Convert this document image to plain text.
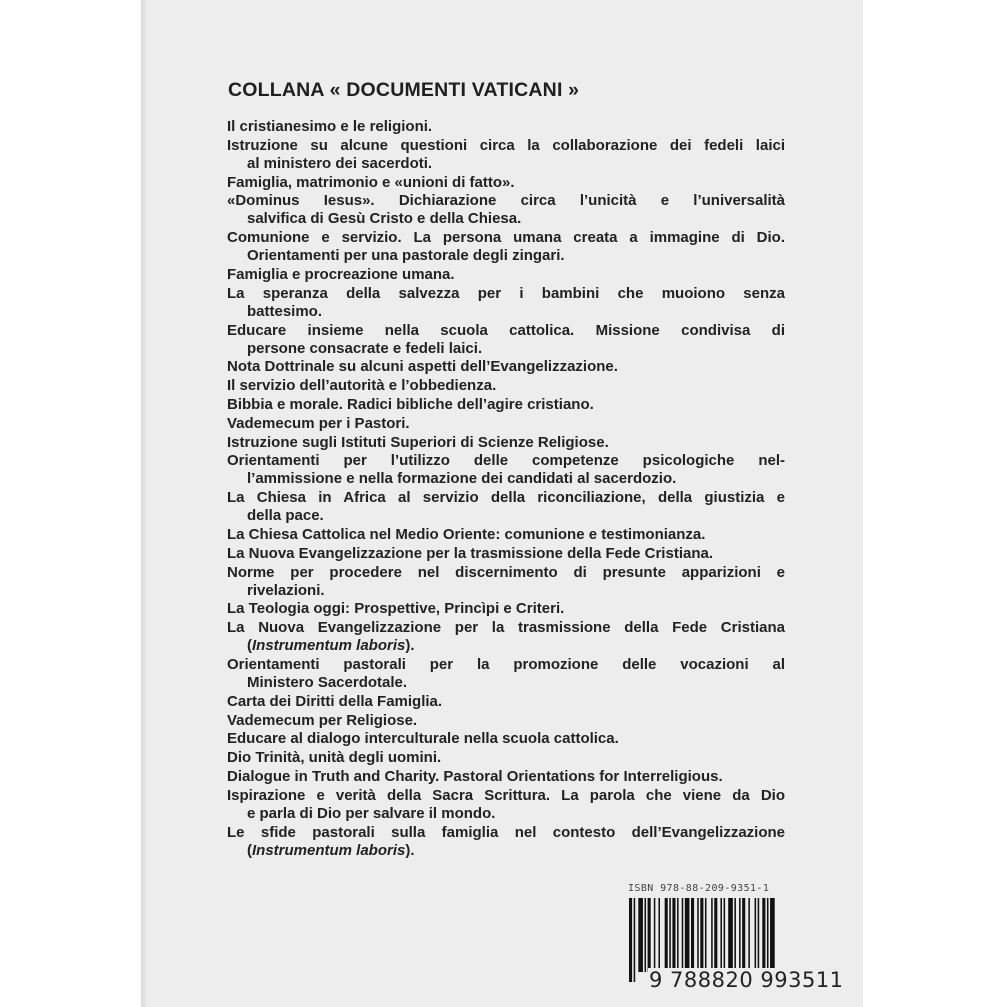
COLLANA « DOCUMENTI VATICANI »
Il cristianesimo e le religioni.
Istruzione su alcune questioni circa la collaborazione dei fedeli laici
al ministero dei sacerdoti.
Famiglia, matrimonio e «unioni di fatto».
«Dominus Iesus». Dichiarazione circa l’unicità e l’universalità
salvifica di Gesù Cristo e della Chiesa.
Comunione e servizio. La persona umana creata a immagine di Dio.
Orientamenti per una pastorale degli zingari.
Famiglia e procreazione umana.
La speranza della salvezza per i bambini che muoiono senza
battesimo.
Educare insieme nella scuola cattolica. Missione condivisa di
persone consacrate e fedeli laici.
Nota Dottrinale su alcuni aspetti dell’Evangelizzazione.
Il servizio dell’autorità e l’obbedienza.
Bibbia e morale. Radici bibliche dell’agire cristiano.
Vademecum per i Pastori.
Istruzione sugli Istituti Superiori di Scienze Religiose.
Orientamenti per l’utilizzo delle competenze psicologiche nel-
l’ammissione e nella formazione dei candidati al sacerdozio.
La Chiesa in Africa al servizio della riconciliazione, della giustizia e
della pace.
La Chiesa Cattolica nel Medio Oriente: comunione e testimonianza.
La Nuova Evangelizzazione per la trasmissione della Fede Cristiana.
Norme per procedere nel discernimento di presunte apparizioni e
rivelazioni.
La Teologia oggi: Prospettive, Princìpi e Criteri.
La Nuova Evangelizzazione per la trasmissione della Fede Cristiana
(Instrumentum laboris).
Orientamenti pastorali per la promozione delle vocazioni al
Ministero Sacerdotale.
Carta dei Diritti della Famiglia.
Vademecum per Religiose.
Educare al dialogo interculturale nella scuola cattolica.
Dio Trinità, unità degli uomini.
Dialogue in Truth and Charity. Pastoral Orientations for Interreligious.
Ispirazione e verità della Sacra Scrittura. La parola che viene da Dio
e parla di Dio per salvare il mondo.
Le sfide pastorali sulla famiglia nel contesto dell’Evangelizzazione
(Instrumentum laboris).
ISBN 978-88-209-9351-1
9 788820 993511
